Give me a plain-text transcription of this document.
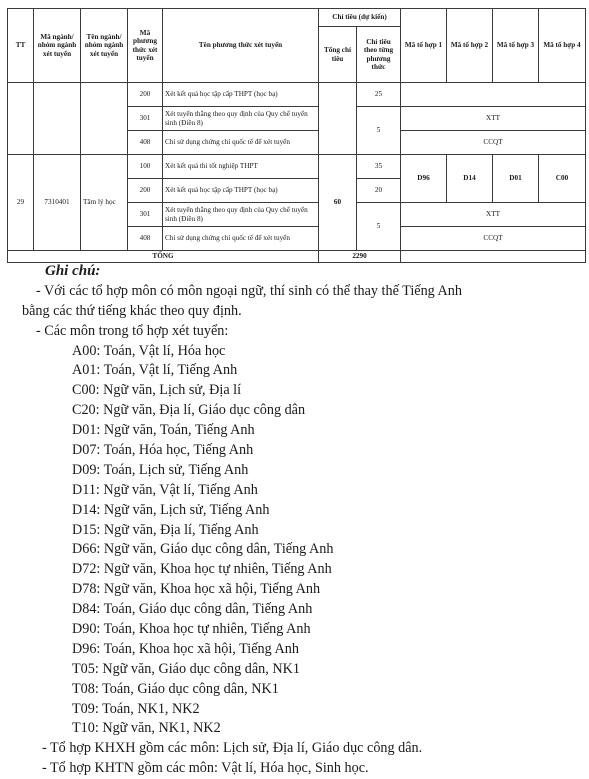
TT	Mã ngành/ nhóm ngành xét tuyển	Tên ngành/ nhóm ngành xét tuyển	Mã phương thức xét tuyển	Tên phương thức xét tuyển	Chỉ tiêu (dự kiến)		Mã tổ hợp 1	Mã tổ hợp 2	Mã tổ hợp 3	Mã tổ hợp 4
					Tổng chỉ tiêu	Chỉ tiêu theo từng phương thức				
			200	Xét kết quả học tập cấp THPT (học bạ)		25				
			301	Xét tuyển thẳng theo quy định của Quy chế tuyển sinh (Điều 8)		5	XTT			
			408	Chỉ sử dụng chứng chỉ quốc tế để xét tuyển			CCQT			
29	7310401	Tâm lý học	100	Xét kết quả thi tốt nghiệp THPT	60	35	D96	D14	D01	C00
			200	Xét kết quả học tập cấp THPT (học bạ)		20				
			301	Xét tuyển thẳng theo quy định của Quy chế tuyển sinh (Điều 8)		5	XTT			
			408	Chỉ sử dụng chứng chỉ quốc tế để xét tuyển			CCQT			
TỔNG					2290					
Ghi chú:
- Với các tổ hợp môn có môn ngoại ngữ, thí sinh có thể thay thế Tiếng Anh
bằng các thứ tiếng khác theo quy định.
- Các môn trong tổ hợp xét tuyển:
A00: Toán, Vật lí, Hóa học
A01: Toán, Vật lí, Tiếng Anh
C00: Ngữ văn, Lịch sử, Địa lí
C20: Ngữ văn, Địa lí, Giáo dục công dân
D01: Ngữ văn, Toán, Tiếng Anh
D07: Toán, Hóa học, Tiếng Anh
D09: Toán, Lịch sử, Tiếng Anh
D11: Ngữ văn, Vật lí, Tiếng Anh
D14: Ngữ văn, Lịch sử, Tiếng Anh
D15: Ngữ văn, Địa lí, Tiếng Anh
D66: Ngữ văn, Giáo dục công dân, Tiếng Anh
D72: Ngữ văn, Khoa học tự nhiên, Tiếng Anh
D78: Ngữ văn, Khoa học xã hội, Tiếng Anh
D84: Toán, Giáo dục công dân, Tiếng Anh
D90: Toán, Khoa học tự nhiên, Tiếng Anh
D96: Toán, Khoa học xã hội, Tiếng Anh
T05: Ngữ văn, Giáo dục công dân, NK1
T08: Toán, Giáo dục công dân, NK1
T09: Toán, NK1, NK2
T10: Ngữ văn, NK1, NK2
- Tổ hợp KHXH gồm các môn: Lịch sử, Địa lí, Giáo dục công dân.
- Tổ hợp KHTN gồm các môn: Vật lí, Hóa học, Sinh học.
